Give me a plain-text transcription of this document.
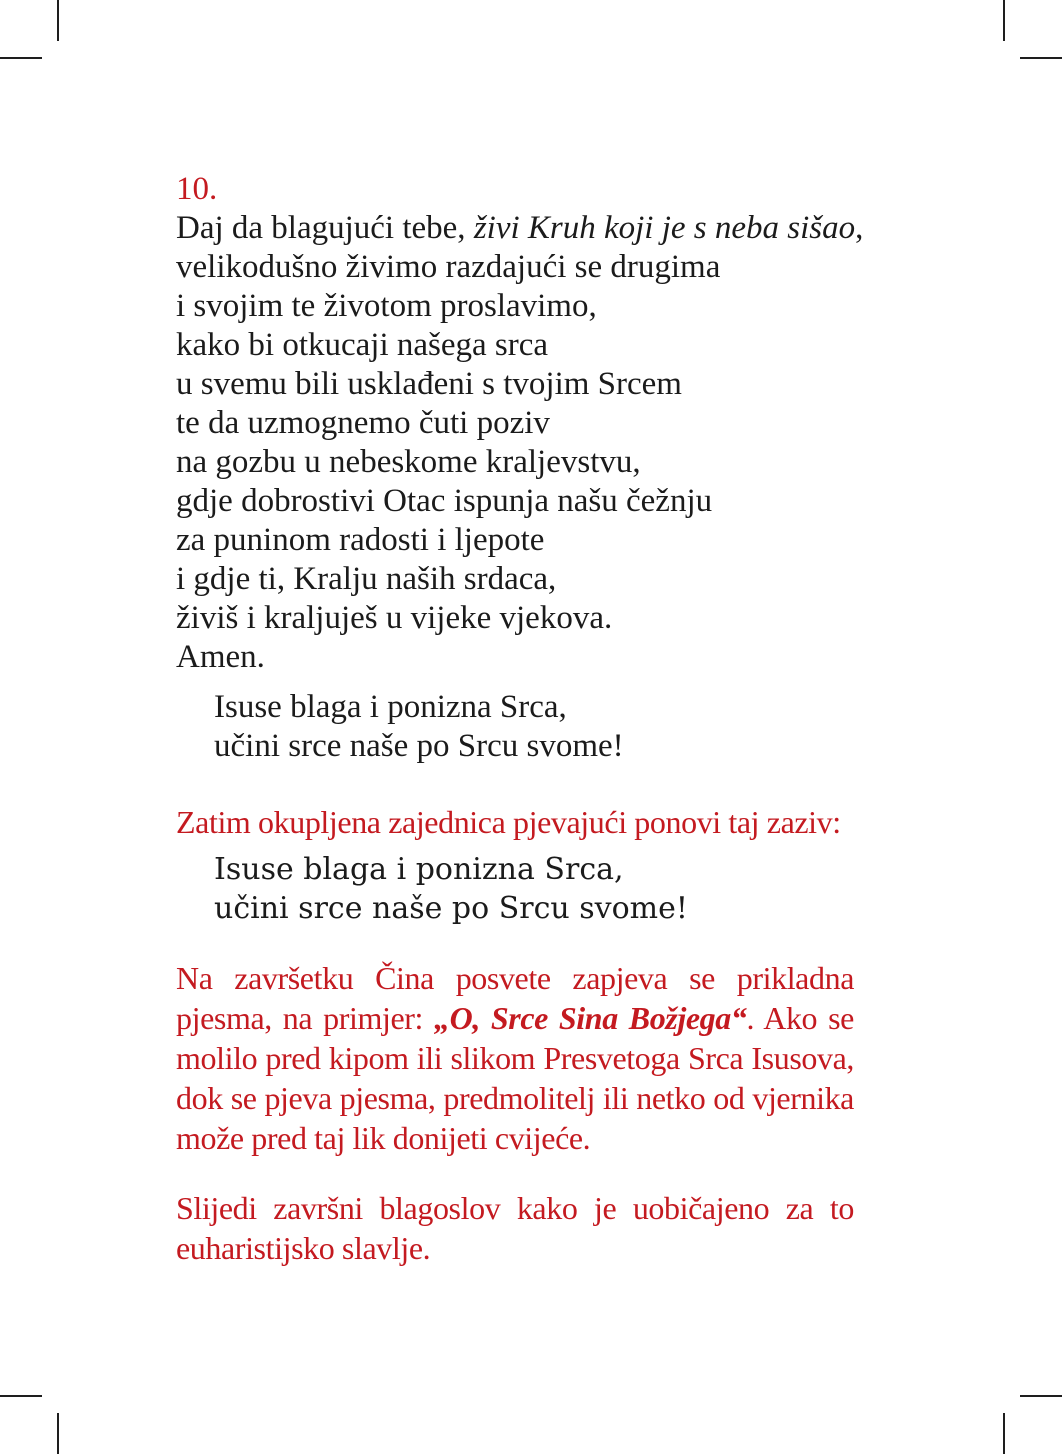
10.

Daj da blagujući tebe, živi Kruh koji je s neba sišao,
velikodušno živimo razdajući se drugima
i svojim te životom proslavimo,
kako bi otkucaji našega srca
u svemu bili usklađeni s tvojim Srcem
te da uzmognemo čuti poziv
na gozbu u nebeskome kraljevstvu,
gdje dobrostivi Otac ispunja našu čežnju
za puninom radosti i ljepote
i gdje ti, Kralju naših srdaca,
živiš i kraljuješ u vijeke vjekova.
Amen.
Isuse blaga i ponizna Srca,
učini srce naše po Srcu svome!

Zatim okupljena zajednica pjevajući ponovi taj zaziv:

Isuse blaga i ponizna Srca,
učini srce naše po Srcu svome!

Na završetku Čina posvete zapjeva se prikladna pjesma, na primjer: „O, Srce Sina Božjega“. Ako se molilo pred kipom ili slikom Presvetoga Srca Isusova, dok se pjeva pjesma, predmolitelj ili netko od vjernika može pred taj lik donijeti cvijeće.

Slijedi završni blagoslov kako je uobičajeno za to euharistijsko slavlje.
